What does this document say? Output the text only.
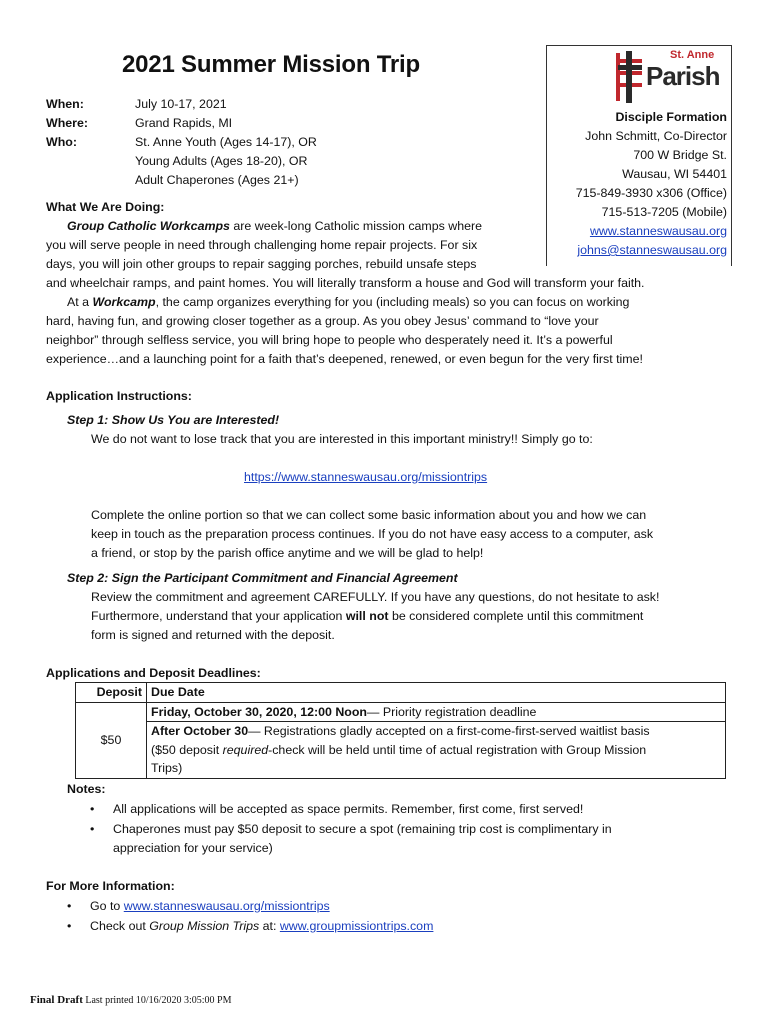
2021 Summer Mission Trip
When:	July 10-17, 2021
Where:	Grand Rapids, MI
Who:	St. Anne Youth (Ages 14-17), OR
Young Adults (Ages 18-20), OR
Adult Chaperones (Ages 21+)
St. Anne
Parish
Disciple Formation
John Schmitt, Co-Director
700 W Bridge St.
Wausau, WI 54401
715-849-3930 x306 (Office)
715-513-7205 (Mobile)
www.stanneswausau.org
johns@stanneswausau.org
What We Are Doing:
Group Catholic Workcamps are week-long Catholic mission camps where
you will serve people in need through challenging home repair projects. For six
days, you will join other groups to repair sagging porches, rebuild unsafe steps
and wheelchair ramps, and paint homes. You will literally transform a house and God will transform your faith.
At a Workcamp, the camp organizes everything for you (including meals) so you can focus on working
hard, having fun, and growing closer together as a group. As you obey Jesus’ command to “love your
neighbor” through selfless service, you will bring hope to people who desperately need it. It’s a powerful
experience…and a launching point for a faith that’s deepened, renewed, or even begun for the very first time!
Application Instructions:
Step 1: Show Us You are Interested!
We do not want to lose track that you are interested in this important ministry!! Simply go to:
https://www.stanneswausau.org/missiontrips
Complete the online portion so that we can collect some basic information about you and how we can
keep in touch as the preparation process continues. If you do not have easy access to a computer, ask
a friend, or stop by the parish office anytime and we will be glad to help!
Step 2: Sign the Participant Commitment and Financial Agreement
Review the commitment and agreement CAREFULLY. If you have any questions, do not hesitate to ask!
Furthermore, understand that your application will not be considered complete until this commitment
form is signed and returned with the deposit.
Applications and Deposit Deadlines:
Deposit	Due Date
$50	Friday, October 30, 2020, 12:00 Noon— Priority registration deadline
	After October 30— Registrations gladly accepted on a first-come-first-served waitlist basis
($50 deposit required-check will be held until time of actual registration with Group Mission
Trips)
Notes:
• All applications will be accepted as space permits. Remember, first come, first served!
• Chaperones must pay $50 deposit to secure a spot (remaining trip cost is complimentary in
appreciation for your service)
For More Information:
• Go to www.stanneswausau.org/missiontrips
• Check out Group Mission Trips at: www.groupmissiontrips.com
Final Draft Last printed 10/16/2020 3:05:00 PM
